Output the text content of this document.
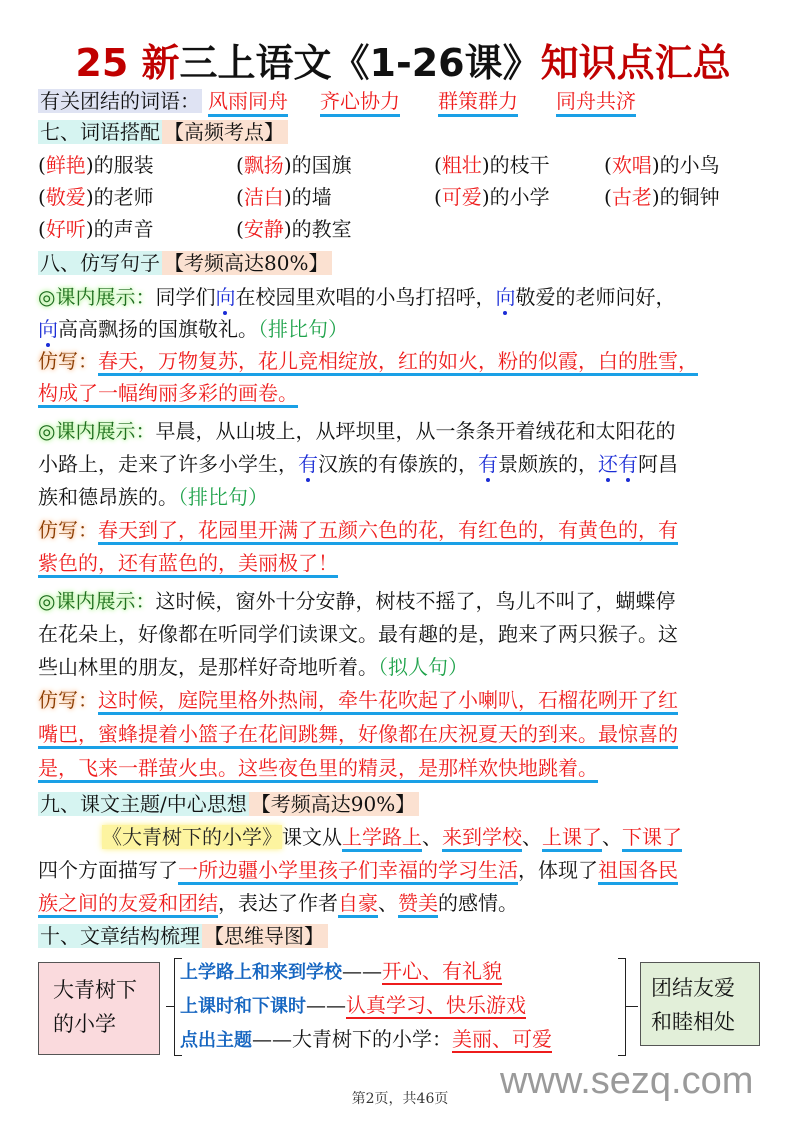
25 新三上语文《1-26课》知识点汇总
有关团结的词语： 风雨同舟 齐心协力 群策群力 同舟共济
七、词语搭配 【高频考点】
(鲜艳)的服装	(飘扬)的国旗	(粗壮)的枝干	(欢唱)的小鸟
(敬爱)的老师	(洁白)的墙	(可爱)的小学	(古老)的铜钟
(好听)的声音	(安静)的教室
八、仿写句子 【考频高达80%】
◎课内展示：同学们向在校园里欢唱的小鸟打招呼，向敬爱的老师问好，
向高高飘扬的国旗敬礼。（排比句）
仿写：春天，万物复苏，花儿竞相绽放，红的如火，粉的似霞，白的胜雪，
构成了一幅绚丽多彩的画卷。
◎课内展示：早晨，从山坡上，从坪坝里，从一条条开着绒花和太阳花的
小路上，走来了许多小学生，有汉族的有傣族的，有景颇族的，还有阿昌
族和德昂族的。（排比句）
仿写：春天到了，花园里开满了五颜六色的花，有红色的，有黄色的，有
紫色的，还有蓝色的，美丽极了！
◎课内展示：这时候，窗外十分安静，树枝不摇了，鸟儿不叫了，蝴蝶停
在花朵上，好像都在听同学们读课文。最有趣的是，跑来了两只猴子。这
些山林里的朋友，是那样好奇地听着。（拟人句）
仿写：这时候，庭院里格外热闹，牵牛花吹起了小喇叭，石榴花咧开了红
嘴巴，蜜蜂提着小篮子在花间跳舞，好像都在庆祝夏天的到来。最惊喜的
是，飞来一群萤火虫。这些夜色里的精灵，是那样欢快地跳着。
九、课文主题/中心思想 【考频高达90%】
《大青树下的小学》课文从上学路上、来到学校、上课了、下课了
四个方面描写了一所边疆小学里孩子们幸福的学习生活，体现了祖国各民
族之间的友爱和团结，表达了作者自豪、赞美的感情。
十、文章结构梳理 【思维导图】
大青树下
的小学
上学路上和来到学校——开心、有礼貌
上课时和下课时——认真学习、快乐游戏
点出主题——大青树下的小学：美丽、可爱
团结友爱
和睦相处
www.sezq.com
第2页，共46页
